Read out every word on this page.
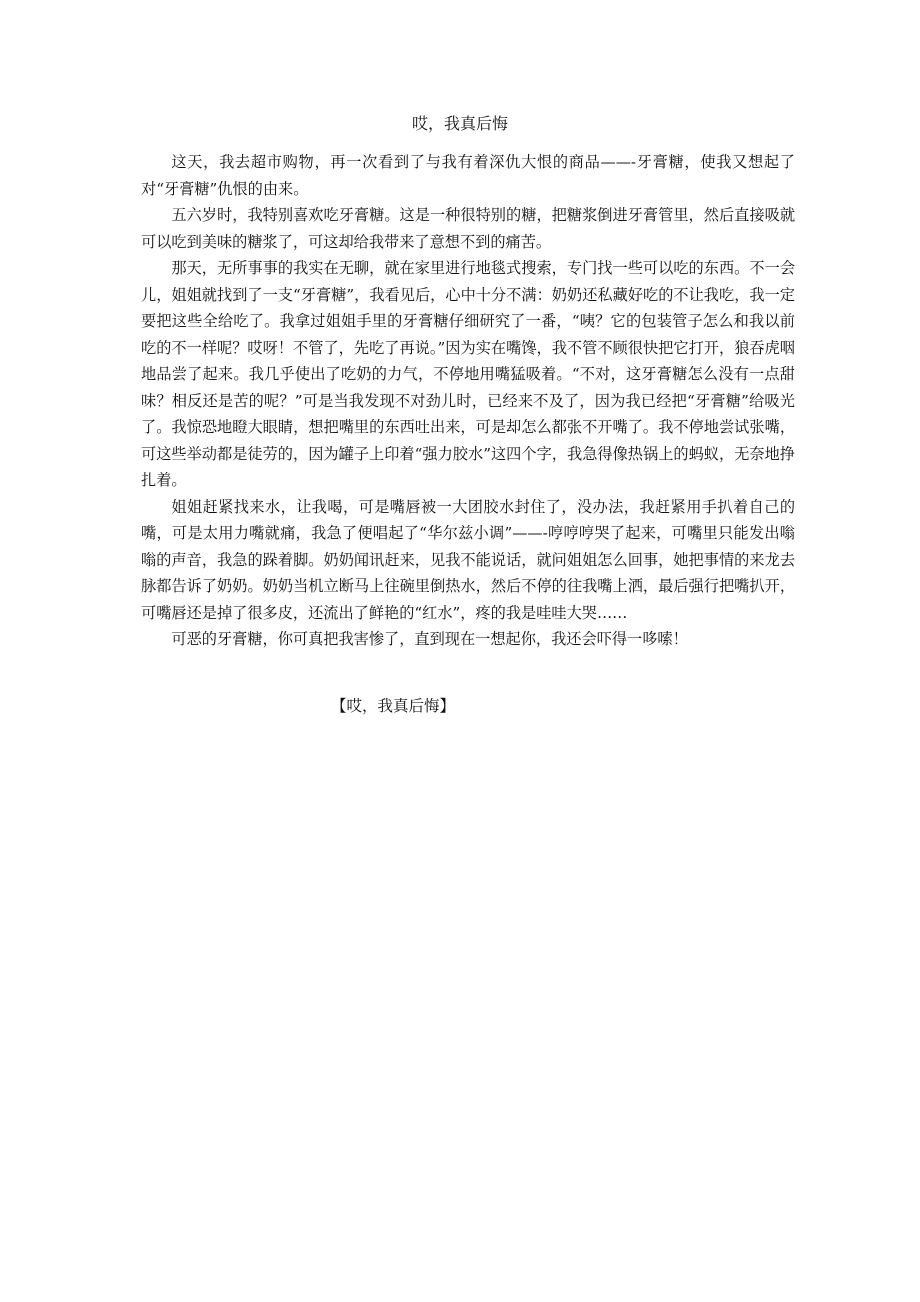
哎，我真后悔

这天，我去超市购物，再一次看到了与我有着深仇大恨的商品——-牙膏糖，使我又想起了对“牙膏糖”仇恨的由来。

五六岁时，我特别喜欢吃牙膏糖。这是一种很特别的糖，把糖浆倒进牙膏管里，然后直接吸就可以吃到美味的糖浆了，可这却给我带来了意想不到的痛苦。

那天，无所事事的我实在无聊，就在家里进行地毯式搜索，专门找一些可以吃的东西。不一会儿，姐姐就找到了一支“牙膏糖”，我看见后，心中十分不满：奶奶还私藏好吃的不让我吃，我一定要把这些全给吃了。我拿过姐姐手里的牙膏糖仔细研究了一番，“咦？它的包装管子怎么和我以前吃的不一样呢？哎呀！不管了，先吃了再说。”因为实在嘴馋，我不管不顾很快把它打开，狼吞虎咽地品尝了起来。我几乎使出了吃奶的力气，不停地用嘴猛吸着。“不对，这牙膏糖怎么没有一点甜味？相反还是苦的呢？”可是当我发现不对劲儿时，已经来不及了，因为我已经把“牙膏糖”给吸光了。我惊恐地瞪大眼睛，想把嘴里的东西吐出来，可是却怎么都张不开嘴了。我不停地尝试张嘴，可这些举动都是徒劳的，因为罐子上印着“强力胶水”这四个字，我急得像热锅上的蚂蚁，无奈地挣扎着。

姐姐赶紧找来水，让我喝，可是嘴唇被一大团胶水封住了，没办法，我赶紧用手扒着自己的嘴，可是太用力嘴就痛，我急了便唱起了“华尔兹小调”——-哼哼哼哭了起来，可嘴里只能发出嗡嗡的声音，我急的跺着脚。奶奶闻讯赶来，见我不能说话，就问姐姐怎么回事，她把事情的来龙去脉都告诉了奶奶。奶奶当机立断马上往碗里倒热水，然后不停的往我嘴上洒，最后强行把嘴扒开，可嘴唇还是掉了很多皮，还流出了鲜艳的“红水”，疼的我是哇哇大哭……

可恶的牙膏糖，你可真把我害惨了，直到现在一想起你，我还会吓得一哆嗦！

【哎，我真后悔】
